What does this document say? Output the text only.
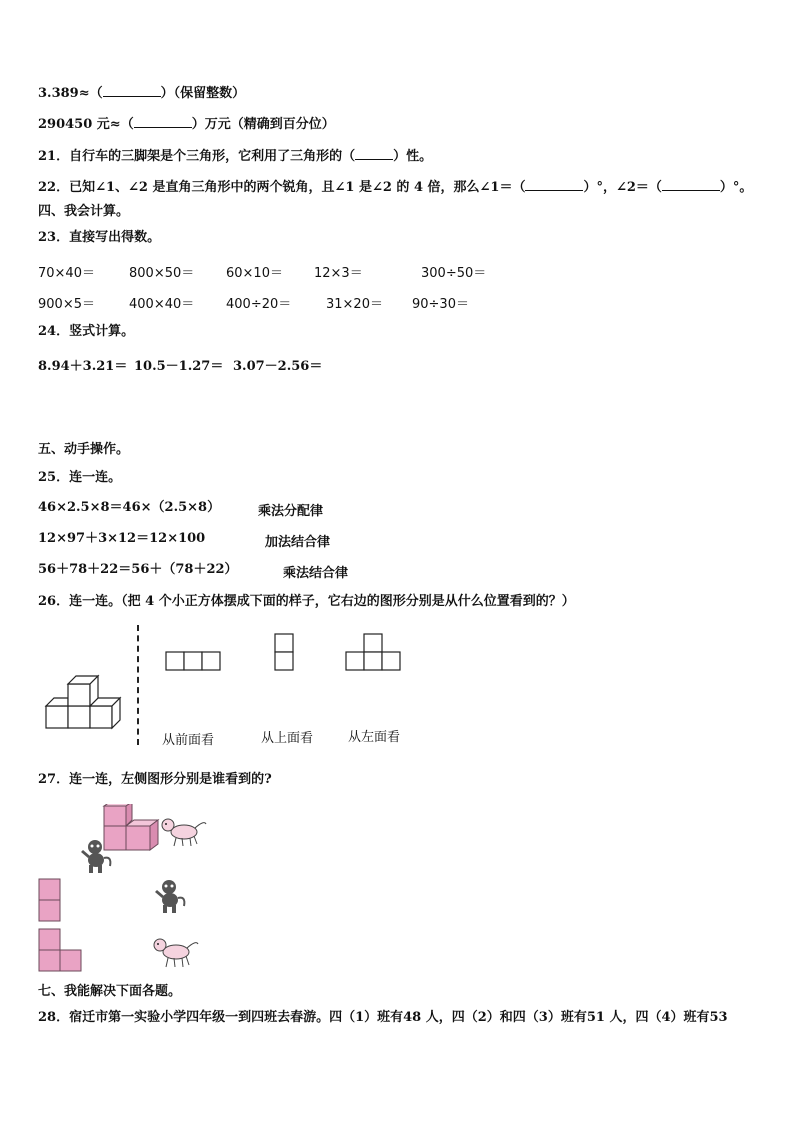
3.389≈（	）（保留整数）
290450 元≈（	）万元（精确到百分位）
21．自行车的三脚架是个三角形，它利用了三角形的（	）性。
22．已知∠1、∠2 是直角三角形中的两个锐角，且∠1 是∠2 的 4 倍，那么∠1＝（	）°，∠2＝（	）°。
四、我会计算。
23．直接写出得数。
70×40＝	800×50＝ 60×10＝ 12×3＝	300÷50＝
900×5＝	400×40＝ 400÷20＝	31×20＝ 90÷30＝
24．竖式计算。
8.94＋3.21＝ 10.5－1.27＝ 3.07－2.56＝
五、动手操作。
25．连一连。
46×2.5×8＝46×（2.5×8）
12×97＋3×12＝12×100
56＋78＋22＝56＋（78＋22）
乘法分配律
加法结合律
乘法结合律
26．连一连。（把 4 个小正方体摆成下面的样子，它右边的图形分别是从什么位置看到的？）
从前面看	从上面看	从左面看
27．连一连，左侧图形分别是谁看到的?
七、我能解决下面各题。
28．宿迁市第一实验小学四年级一到四班去春游。四（1）班有48 人，四（2）和四（3）班有51 人，四（4）班有53
